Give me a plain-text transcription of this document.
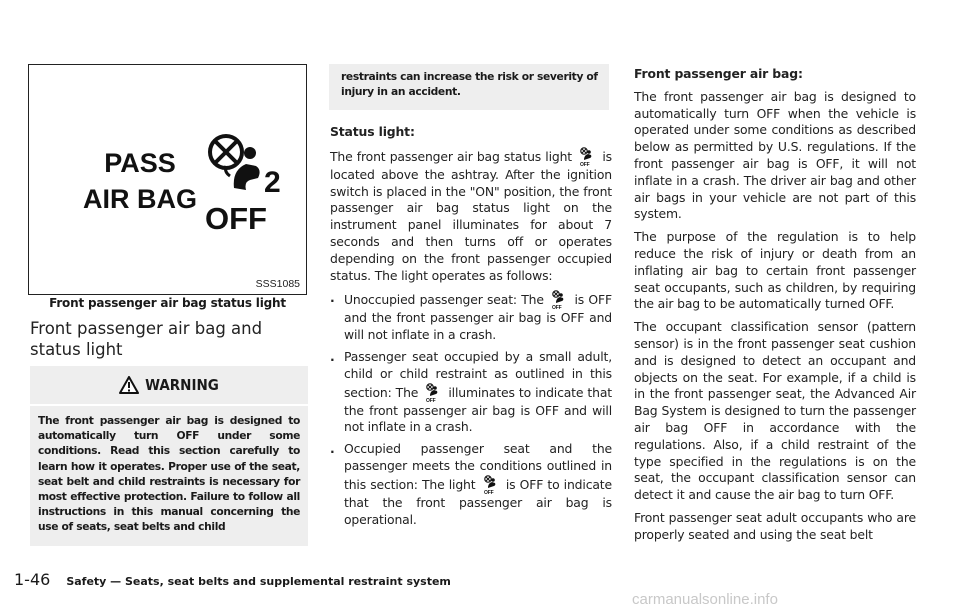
PASS
AIR BAG	2
OFF
SSS1085
Front passenger air bag status light
Front passenger air bag and status light
WARNING
The front passenger air bag is designed to automatically turn OFF under some conditions. Read this section carefully to learn how it operates. Proper use of the seat, seat belt and child restraints is necessary for most effective protection. Failure to follow all instructions in this manual concerning the use of seats, seat belts and child
restraints can increase the risk or severity of injury in an accident.
Status light:

The front passenger air bag status light
OFF
is located above the ashtray. After the ignition switch is placed in the "ON" position, the front passenger air bag status light on the instrument panel illuminates for about 7 seconds and then turns off or operates depending on the front passenger occupied status. The light operates as follows:

. Unoccupied passenger seat: The
OFF
is OFF and the front passenger air bag is OFF and will not inflate in a crash.
. Passenger seat occupied by a small adult, child or child restraint as outlined in this section: The
OFF
illuminates to indicate that the front passenger air bag is OFF and will not inflate in a crash.
. Occupied passenger seat and the passenger meets the conditions outlined in this section: The light
OFF
is OFF to indicate that the front passenger air bag is operational.
Front passenger air bag:

The front passenger air bag is designed to automatically turn OFF when the vehicle is operated under some conditions as described below as permitted by U.S. regulations. If the front passenger air bag is OFF, it will not inflate in a crash. The driver air bag and other air bags in your vehicle are not part of this system.

The purpose of the regulation is to help reduce the risk of injury or death from an inflating air bag to certain front passenger seat occupants, such as children, by requiring the air bag to be automatically turned OFF.

The occupant classification sensor (pattern sensor) is in the front passenger seat cushion and is designed to detect an occupant and objects on the seat. For example, if a child is in the front passenger seat, the Advanced Air Bag System is designed to turn the passenger air bag OFF in accordance with the regulations. Also, if a child restraint of the type specified in the regulations is on the seat, the occupant classification sensor can detect it and cause the air bag to turn OFF.

Front passenger seat adult occupants who are properly seated and using the seat belt

1-46 Safety — Seats, seat belts and supplemental restraint system
carmanualsonline.info
